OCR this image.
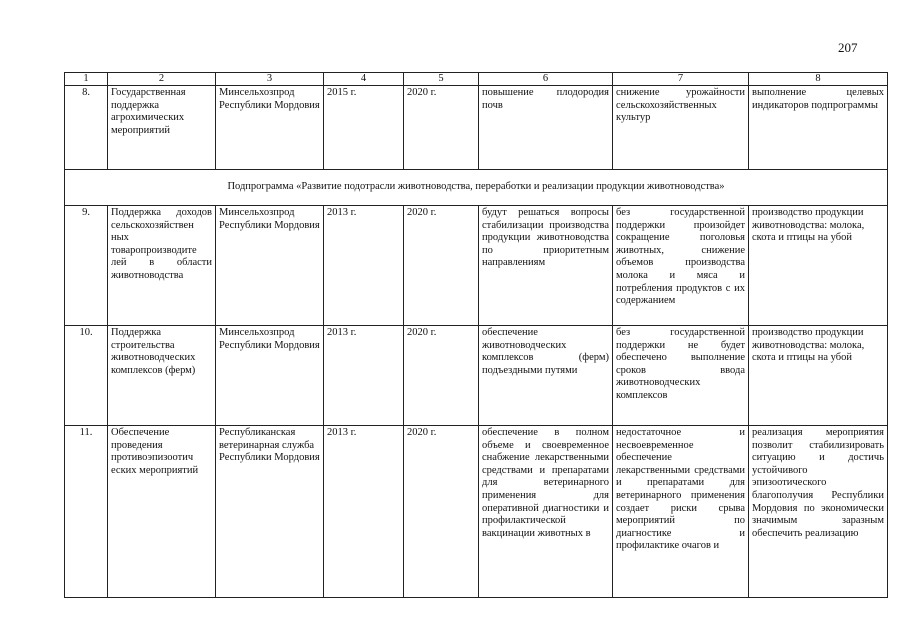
207
1	2	3	4	5	6	7	8
8.	Государственная поддержка агрохимических мероприятий	Минсельхозпрод Республики Мордовия	2015 г.	2020 г.	повышение плодородия почв	снижение урожайности сельскохозяйственных культур	выполнение целевых индикаторов подпрограммы
Подпрограмма «Развитие подотрасли животноводства, переработки и реализации продукции животноводства»							
9.	Поддержка доходов сельскохозяйствен ных товаропроизводите лей в области животноводства	Минсельхозпрод Республики Мордовия	2013 г.	2020 г.	будут решаться вопросы стабилизации производства продукции животноводства по приоритетным направлениям	без государственной поддержки произойдет сокращение поголовья животных, снижение объемов производства молока и мяса и потребления продуктов с их содержанием	производство продукции животноводства: молока, скота и птицы на убой
10.	Поддержка строительства животноводческих комплексов (ферм)	Минсельхозпрод Республики Мордовия	2013 г.	2020 г.	обеспечение животноводческих комплексов (ферм) подъездными путями	без государственной поддержки не будет обеспечено выполнение сроков ввода животноводческих комплексов	производство продукции животноводства: молока, скота и птицы на убой
11.	Обеспечение проведения противоэпизоотич еских мероприятий	Республиканская ветеринарная служба Республики Мордовия	2013 г.	2020 г.	обеспечение в полном объеме и своевременное снабжение лекарственными средствами и препаратами для ветеринарного применения для оперативной диагностики и профилактической вакцинации животных в	недостаточное и несвоевременное обеспечение лекарственными средствами и препаратами для ветеринарного применения создает риски срыва мероприятий по диагностике и профилактике очагов и	реализация мероприятия позволит стабилизировать ситуацию и достичь устойчивого эпизоотического благополучия Республики Мордовия по экономически значимым заразным обеспечить реализацию
